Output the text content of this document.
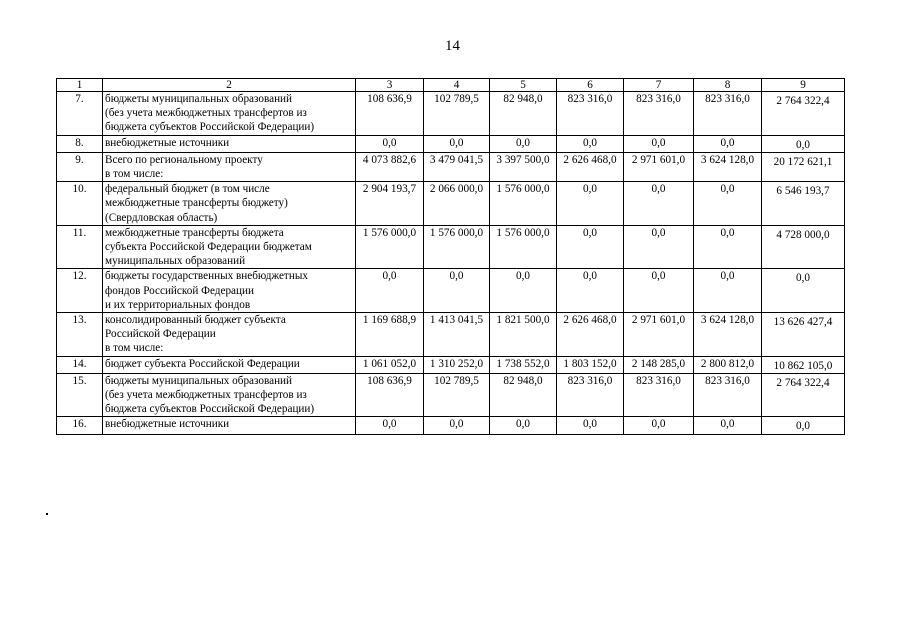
14
1	2	3	4	5	6	7	8	9
7.	бюджеты муниципальных образований
(без учета межбюджетных трансфертов из
бюджета субъектов Российской Федерации)	108 636,9	102 789,5	82 948,0	823 316,0	823 316,0	823 316,0	2 764 322,4
8.	внебюджетные источники	0,0	0,0	0,0	0,0	0,0	0,0	0,0
9.	Всего по региональному проекту
в том числе:	4 073 882,6	3 479 041,5	3 397 500,0	2 626 468,0	2 971 601,0	3 624 128,0	20 172 621,1
10.	федеральный бюджет (в том числе
межбюджетные трансферты бюджету)
(Свердловская область)	2 904 193,7	2 066 000,0	1 576 000,0	0,0	0,0	0,0	6 546 193,7
11.	межбюджетные трансферты бюджета
субъекта Российской Федерации бюджетам
муниципальных образований	1 576 000,0	1 576 000,0	1 576 000,0	0,0	0,0	0,0	4 728 000,0
12.	бюджеты государственных внебюджетных
фондов Российской Федерации
и их территориальных фондов	0,0	0,0	0,0	0,0	0,0	0,0	0,0
13.	консолидированный бюджет субъекта
Российской Федерации
в том числе:	1 169 688,9	1 413 041,5	1 821 500,0	2 626 468,0	2 971 601,0	3 624 128,0	13 626 427,4
14.	бюджет субъекта Российской Федерации	1 061 052,0	1 310 252,0	1 738 552,0	1 803 152,0	2 148 285,0	2 800 812,0	10 862 105,0
15.	бюджеты муниципальных образований
(без учета межбюджетных трансфертов из
бюджета субъектов Российской Федерации)	108 636,9	102 789,5	82 948,0	823 316,0	823 316,0	823 316,0	2 764 322,4
16.	внебюджетные источники	0,0	0,0	0,0	0,0	0,0	0,0	0,0
